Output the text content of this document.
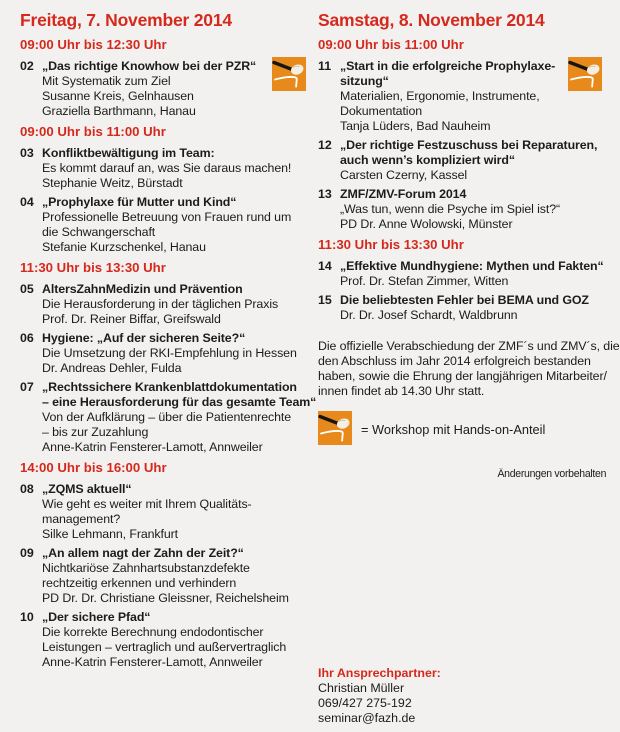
Freitag, 7. November 2014
09:00 Uhr bis 12:30 Uhr
02 „Das richtige Knowhow bei der PZR“
Mit Systematik zum Ziel
Susanne Kreis, Gelnhausen
Graziella Barthmann, Hanau
09:00 Uhr bis 11:00 Uhr
03 Konfliktbewältigung im Team:
Es kommt darauf an, was Sie daraus machen!
Stephanie Weitz, Bürstadt
04 „Prophylaxe für Mutter und Kind“
Professionelle Betreuung von Frauen rund um
die Schwangerschaft
Stefanie Kurzschenkel, Hanau
11:30 Uhr bis 13:30 Uhr
05 AltersZahnMedizin und Prävention
Die Herausforderung in der täglichen Praxis
Prof. Dr. Reiner Biffar, Greifswald
06 Hygiene: „Auf der sicheren Seite?“
Die Umsetzung der RKI-Empfehlung in Hessen
Dr. Andreas Dehler, Fulda
07 „Rechtssichere Krankenblattdokumentation
– eine Herausforderung für das gesamte Team“
Von der Aufklärung – über die Patientenrechte
– bis zur Zuzahlung
Anne-Katrin Fensterer-Lamott, Annweiler
14:00 Uhr bis 16:00 Uhr
08 „ZQMS aktuell“
Wie geht es weiter mit Ihrem Qualitäts-
management?
Silke Lehmann, Frankfurt
09 „An allem nagt der Zahn der Zeit?“
Nichtkariöse Zahnhartsubstanzdefekte
rechtzeitig erkennen und verhindern
PD Dr. Dr. Christiane Gleissner, Reichelsheim
10 „Der sichere Pfad“
Die korrekte Berechnung endodontischer
Leistungen – vertraglich und außervertraglich
Anne-Katrin Fensterer-Lamott, Annweiler
Samstag, 8. November 2014
09:00 Uhr bis 11:00 Uhr
11 „Start in die erfolgreiche Prophylaxe-
sitzung“
Materialien, Ergonomie, Instrumente,
Dokumentation
Tanja Lüders, Bad Nauheim
12 „Der richtige Festzuschuss bei Reparaturen,
auch wenn’s kompliziert wird“
Carsten Czerny, Kassel
13 ZMF/ZMV-Forum 2014
„Was tun, wenn die Psyche im Spiel ist?“
PD Dr. Anne Wolowski, Münster
11:30 Uhr bis 13:30 Uhr
14 „Effektive Mundhygiene: Mythen und Fakten“
Prof. Dr. Stefan Zimmer, Witten
15 Die beliebtesten Fehler bei BEMA und GOZ
Dr. Dr. Josef Schardt, Waldbrunn
Die offizielle Verabschiedung der ZMF´s und ZMV´s, die
den Abschluss im Jahr 2014 erfolgreich bestanden
haben, sowie die Ehrung der langjährigen Mitarbeiter/
innen findet ab 14.30 Uhr statt.
= Workshop mit Hands-on-Anteil
Änderungen vorbehalten
Ihr Ansprechpartner:
Christian Müller
069/427 275-192
seminar@fazh.de
